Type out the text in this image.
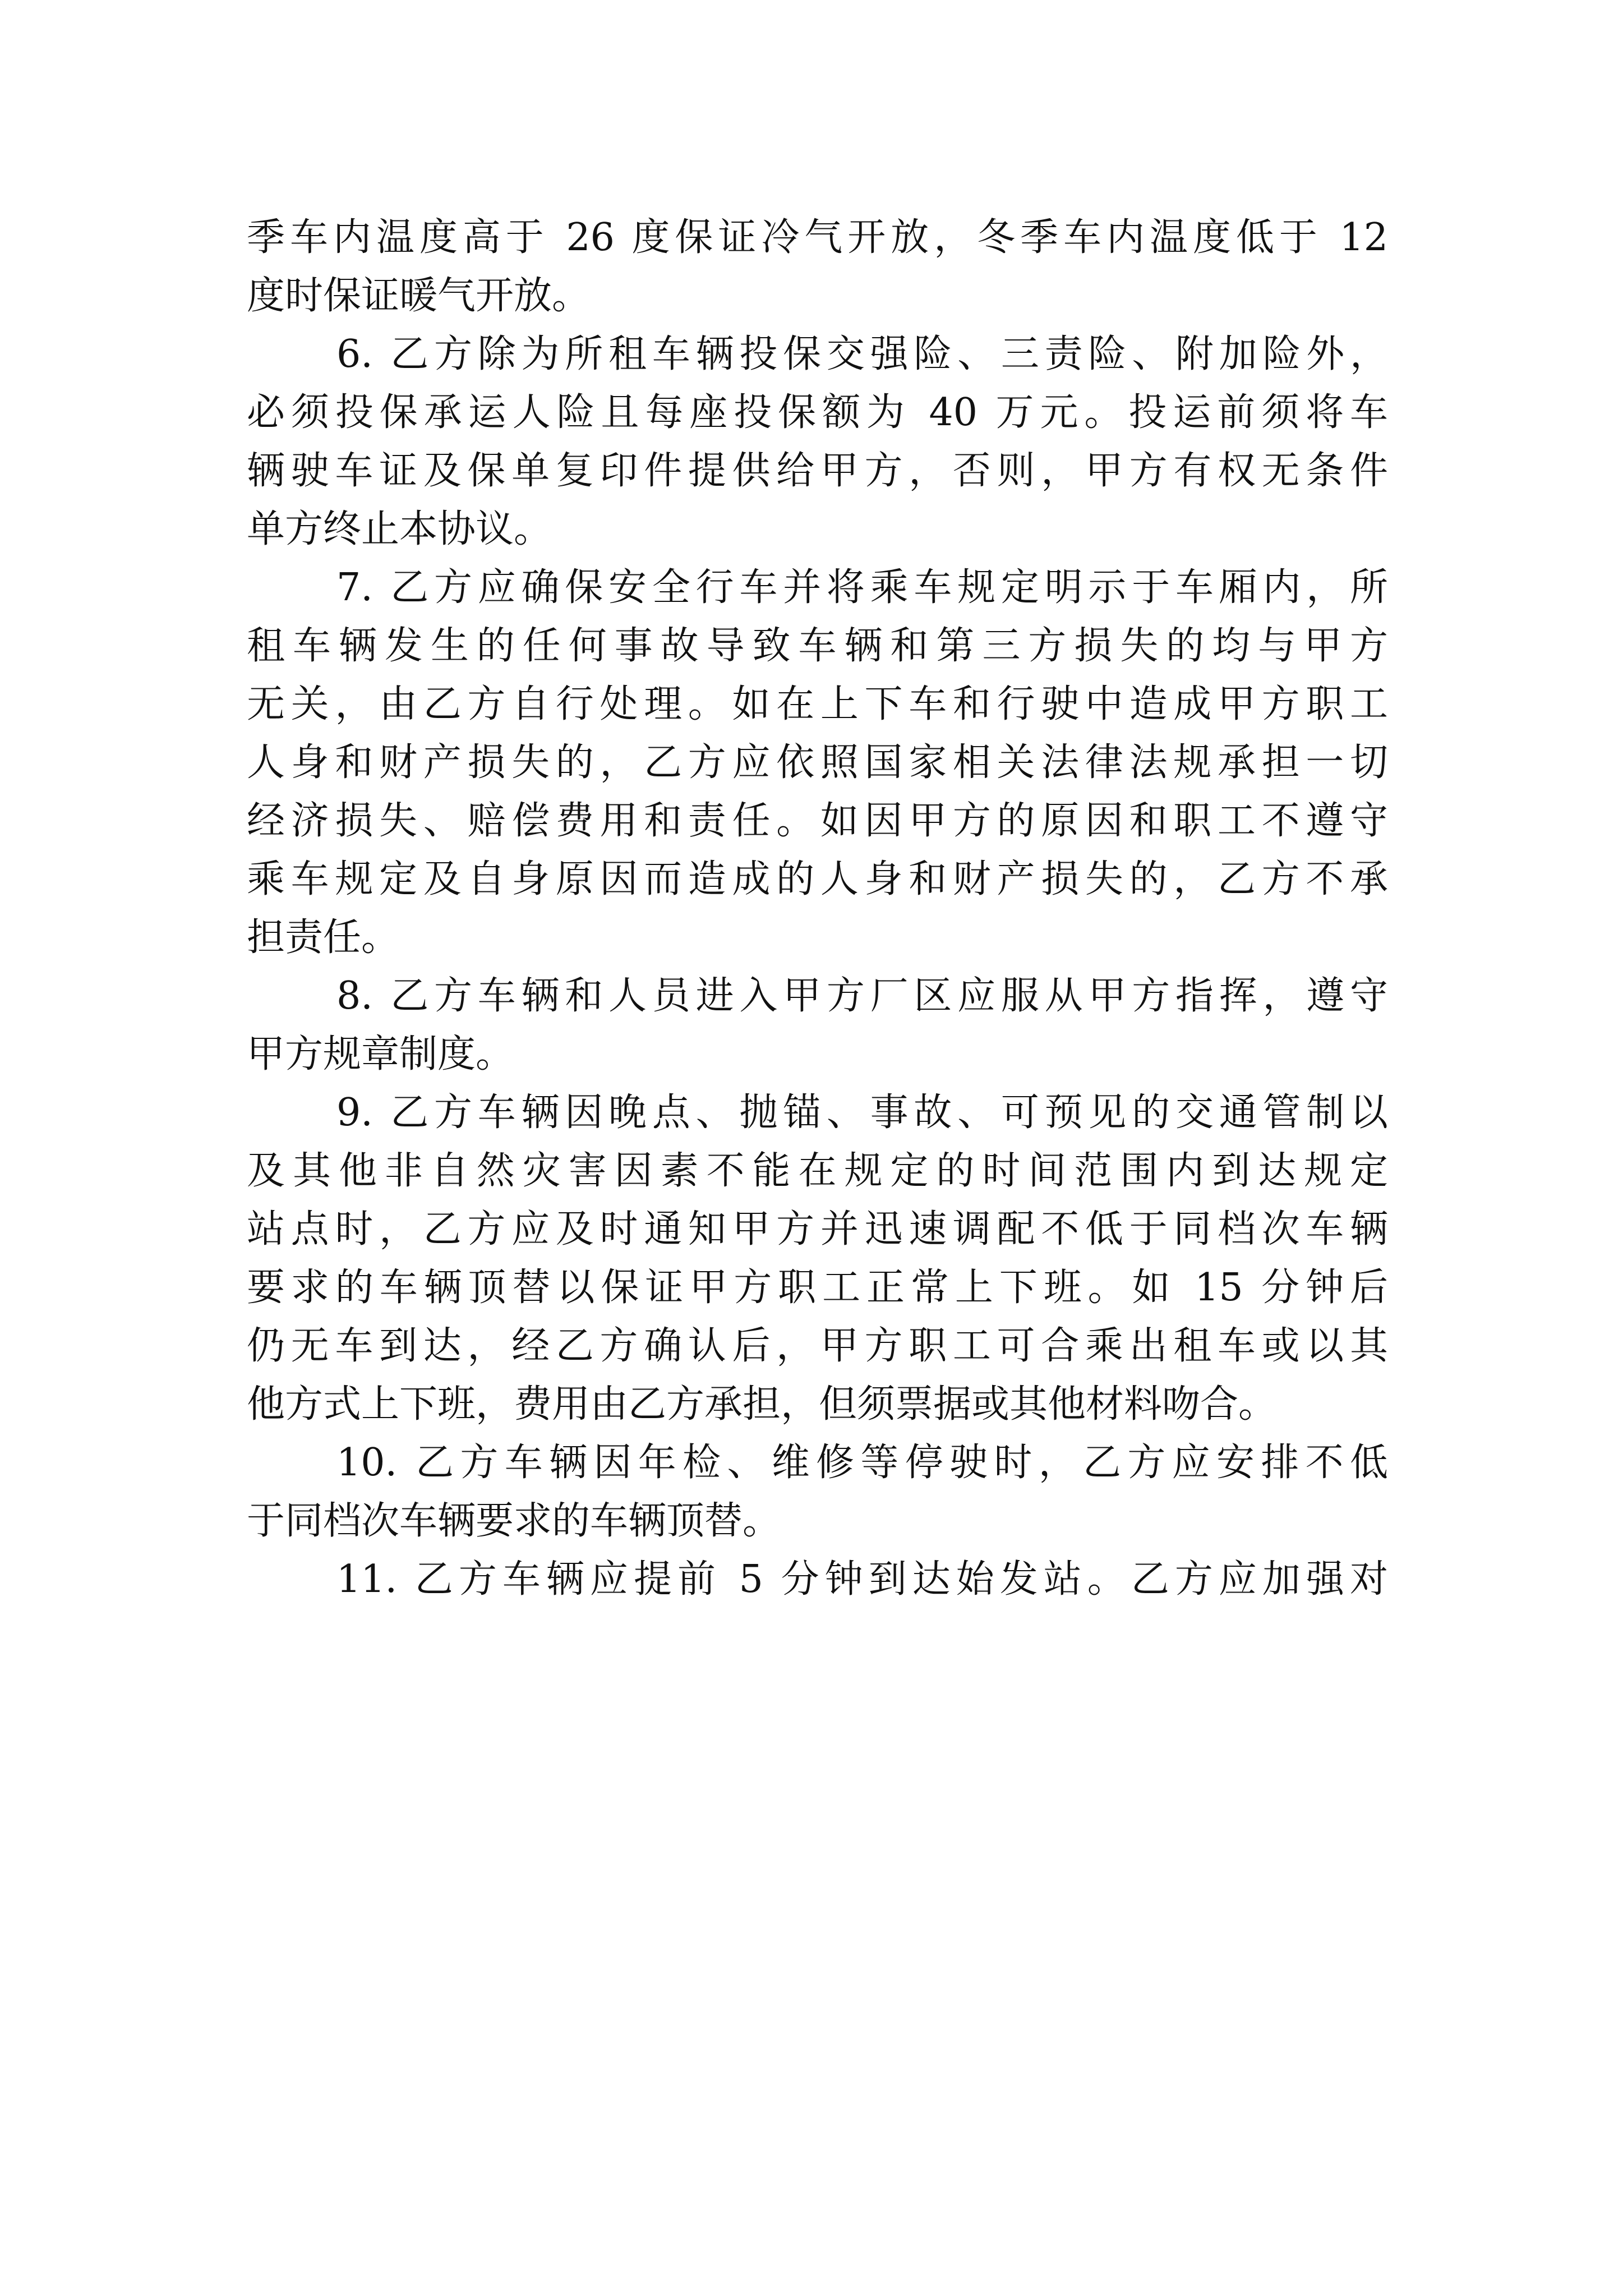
季车内温度高于 26 度保证冷气开放，冬季车内温度低于 12
度时保证暖气开放。
6. 乙方除为所租车辆投保交强险、三责险、附加险外，
必须投保承运人险且每座投保额为 40 万元。投运前须将车
辆驶车证及保单复印件提供给甲方，否则，甲方有权无条件
单方终止本协议。
7. 乙方应确保安全行车并将乘车规定明示于车厢内，所
租车辆发生的任何事故导致车辆和第三方损失的均与甲方
无关，由乙方自行处理。如在上下车和行驶中造成甲方职工
人身和财产损失的，乙方应依照国家相关法律法规承担一切
经济损失、赔偿费用和责任。如因甲方的原因和职工不遵守
乘车规定及自身原因而造成的人身和财产损失的，乙方不承
担责任。
8. 乙方车辆和人员进入甲方厂区应服从甲方指挥，遵守
甲方规章制度。
9. 乙方车辆因晚点、抛锚、事故、可预见的交通管制以
及其他非自然灾害因素不能在规定的时间范围内到达规定
站点时，乙方应及时通知甲方并迅速调配不低于同档次车辆
要求的车辆顶替以保证甲方职工正常上下班。如 15 分钟后
仍无车到达，经乙方确认后，甲方职工可合乘出租车或以其
他方式上下班，费用由乙方承担，但须票据或其他材料吻合。
10. 乙方车辆因年检、维修等停驶时，乙方应安排不低
于同档次车辆要求的车辆顶替。
11. 乙方车辆应提前 5 分钟到达始发站。乙方应加强对
